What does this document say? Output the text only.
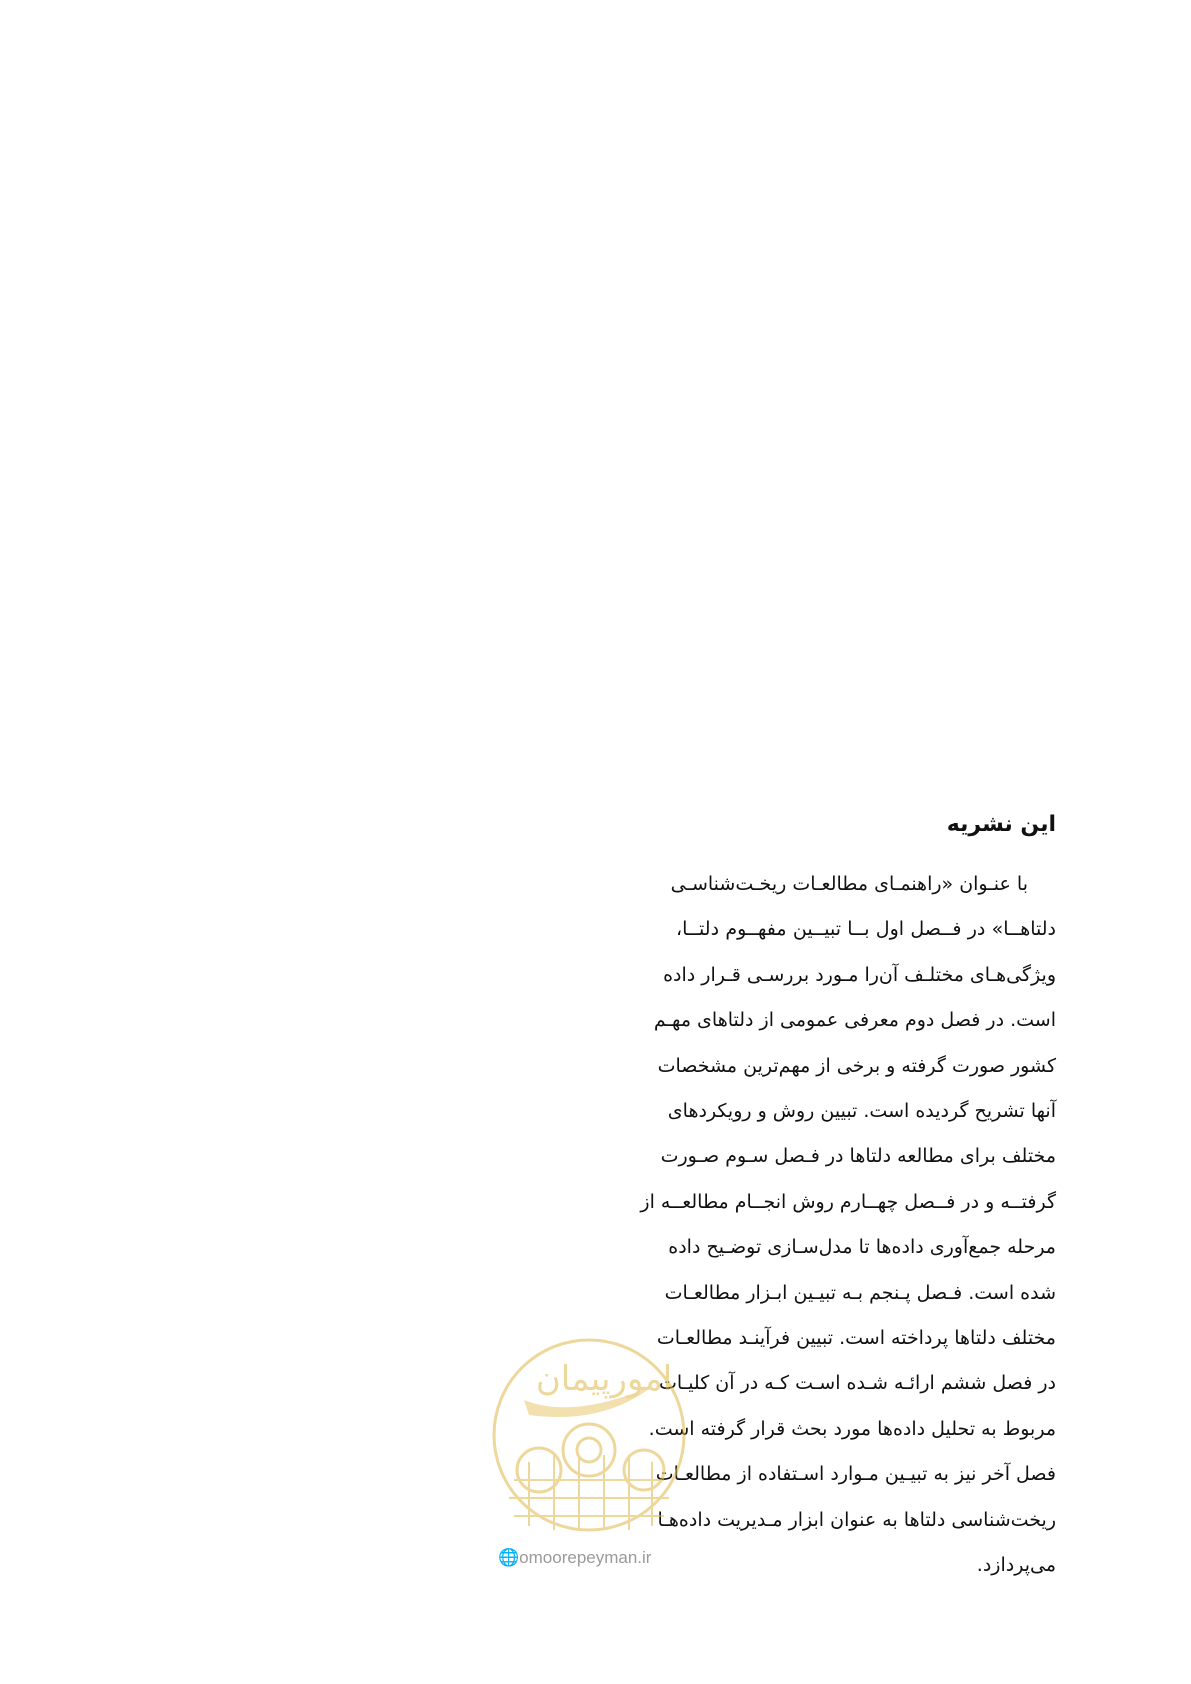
این نشریه
با عنـوان «راهنمـای مطالعـات ریخـت‌شناسـی
دلتاهــا» در فــصل اول بــا تبیــین مفهــوم دلتــا،
ویژگی‌هـای مختلـف آن‌را مـورد بررسـی قـرار داده
است. در فصل دوم معرفی عمومی از دلتاهای مهـم
کشور صورت گرفته و برخی از مهم‌ترین مشخصات
آنها تشریح گردیده است. تبیین روش و رویکردهای
مختلف برای مطالعه دلتاها در فـصل سـوم صـورت
گرفتــه و در فــصل چهــارم روش انجــام مطالعــه از
مرحله جمع‌آوری داده‌ها تا مدل‌سـازی توضـیح داده
شده است. فـصل پـنجم بـه تبیـین ابـزار مطالعـات
مختلف دلتاها پرداخته است. تبیین فرآینـد مطالعـات
در فصل ششم ارائـه شـده اسـت کـه در آن کلیـات
مربوط به تحلیل داده‌ها مورد بحث قرار گرفته است.
فصل آخر نیز به تبیـین مـوارد اسـتفاده از مطالعـات
ریخت‌شناسی دلتاها به عنوان ابزار مـدیریت داده‌هـا
می‌پردازد.
امورپیمان
🌐omoorepeyman.ir
